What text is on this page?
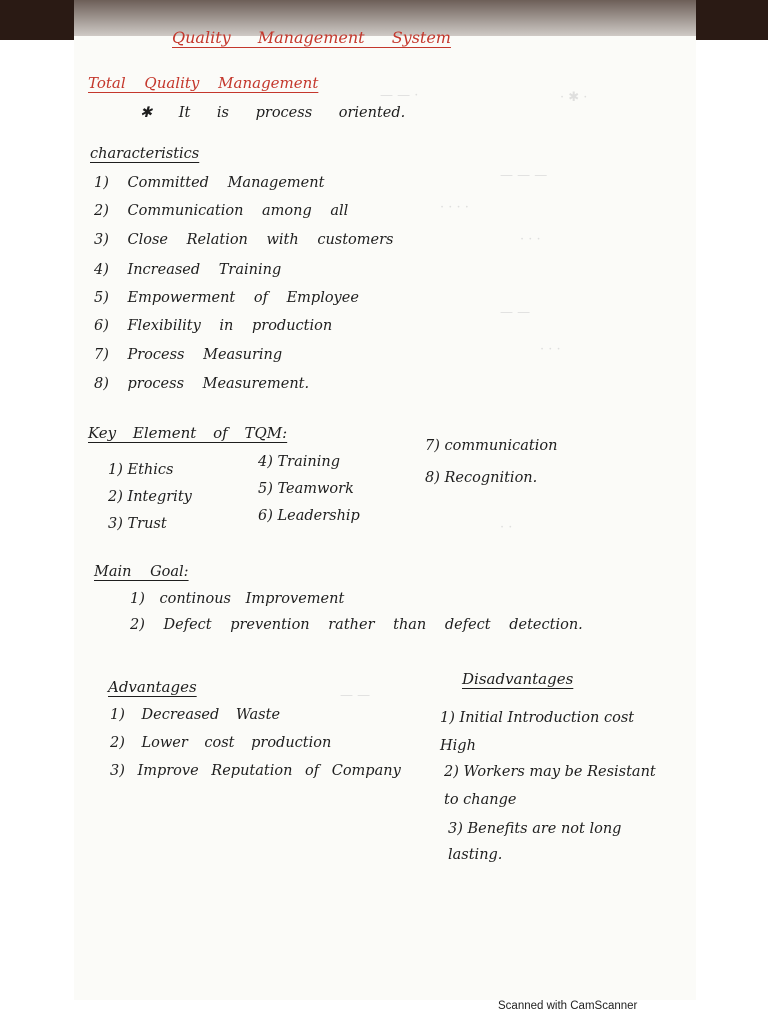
— — ·	· ✱ ·
— — —
· · · ·
· · ·
— —
· · ·
· ·
— —
Quality Management System
Total Quality Management
✱ It is process oriented.
characteristics
1) Committed Management
2) Communication among all
3) Close Relation with customers
4) Increased Training
5) Empowerment of Employee
6) Flexibility in production
7) Process Measuring
8) process Measurement.
Key Element of TQM:
1) Ethics
2) Integrity
3) Trust
4) Training
5) Teamwork
6) Leadership
7) communication
8) Recognition.
Main Goal:
1) continous Improvement
2) Defect prevention rather than defect detection.
Advantages
1) Decreased Waste
2) Lower cost production
3) Improve Reputation of Company
Disadvantages
1) Initial Introduction cost High
2) Workers may be Resistant to change
3) Benefits are not long lasting.
Scanned with CamScanner
